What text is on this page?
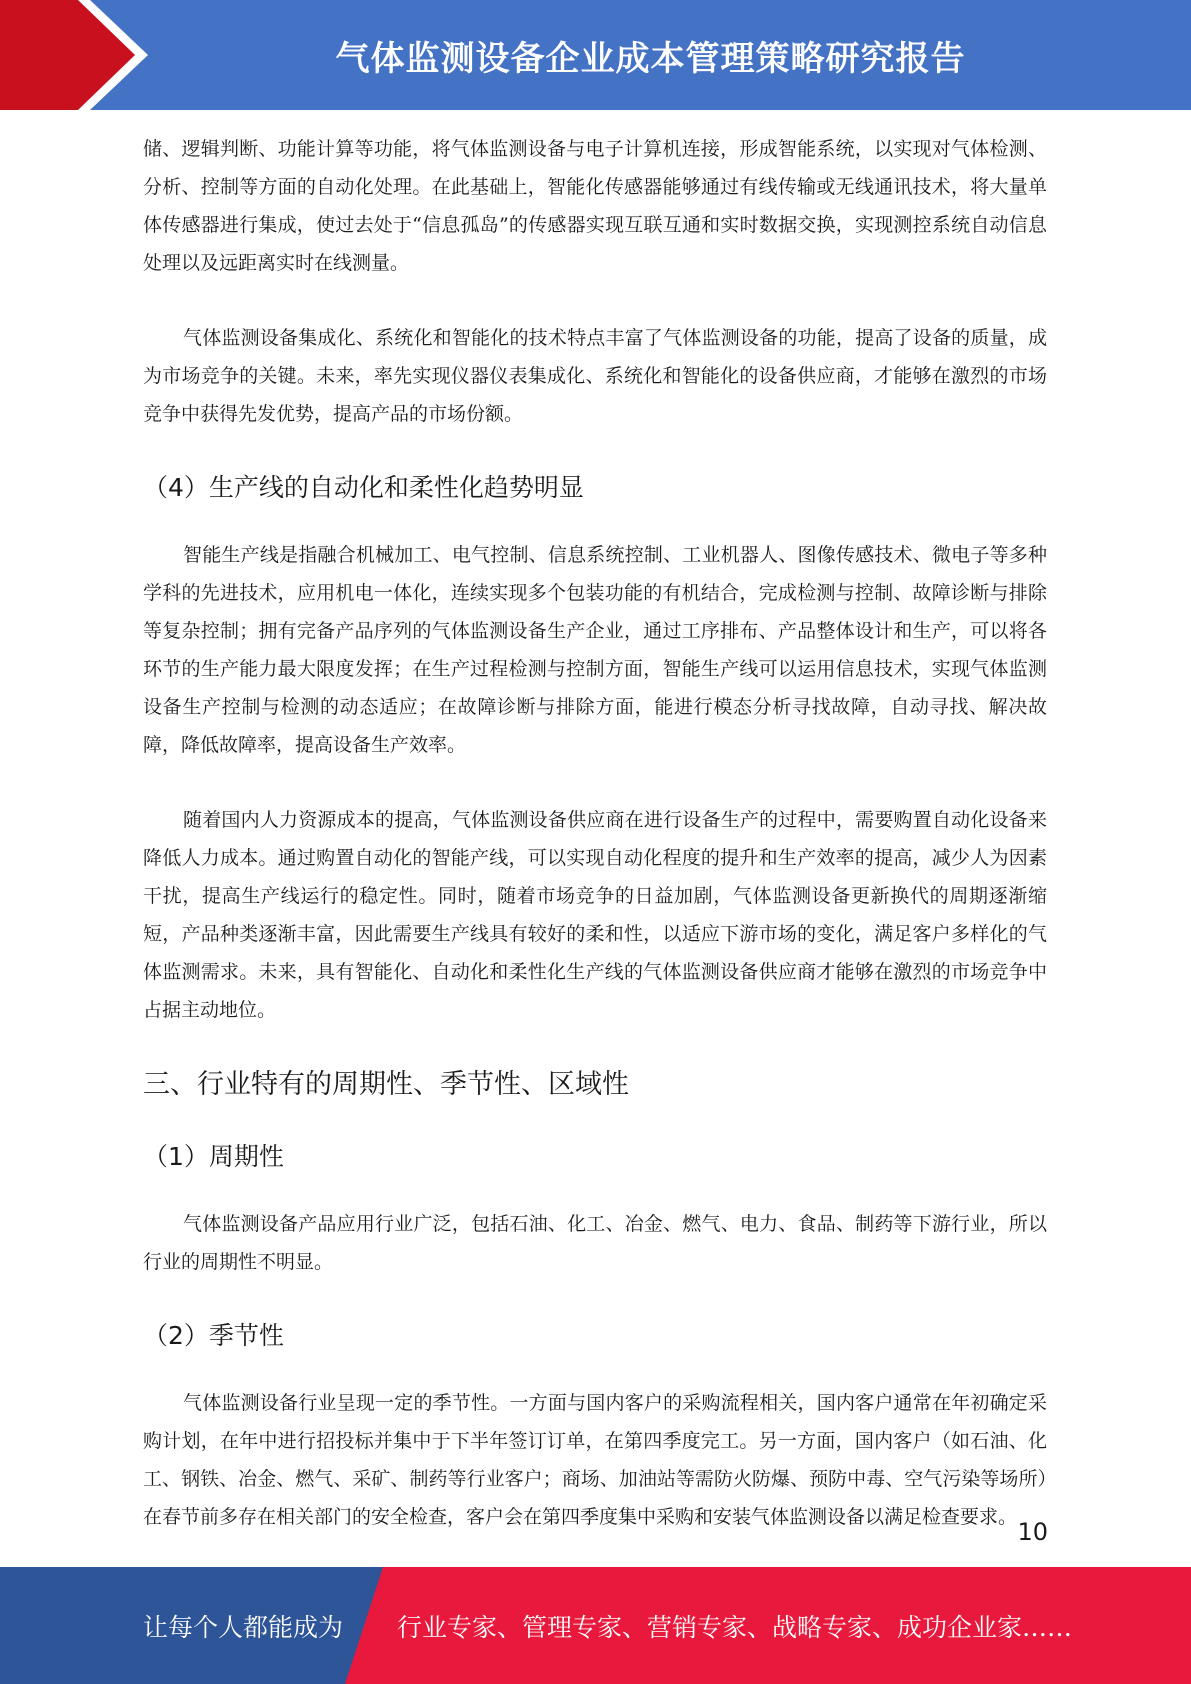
气体监测设备企业成本管理策略研究报告

储、逻辑判断、功能计算等功能，将气体监测设备与电子计算机连接，形成智能系统，以实现对气体检测、分析、控制等方面的自动化处理。在此基础上，智能化传感器能够通过有线传输或无线通讯技术，将大量单体传感器进行集成，使过去处于“信息孤岛”的传感器实现互联互通和实时数据交换，实现测控系统自动信息处理以及远距离实时在线测量。

气体监测设备集成化、系统化和智能化的技术特点丰富了气体监测设备的功能，提高了设备的质量，成为市场竞争的关键。未来，率先实现仪器仪表集成化、系统化和智能化的设备供应商，才能够在激烈的市场竞争中获得先发优势，提高产品的市场份额。

（4）生产线的自动化和柔性化趋势明显

智能生产线是指融合机械加工、电气控制、信息系统控制、工业机器人、图像传感技术、微电子等多种学科的先进技术，应用机电一体化，连续实现多个包装功能的有机结合，完成检测与控制、故障诊断与排除等复杂控制；拥有完备产品序列的气体监测设备生产企业，通过工序排布、产品整体设计和生产，可以将各环节的生产能力最大限度发挥；在生产过程检测与控制方面，智能生产线可以运用信息技术，实现气体监测设备生产控制与检测的动态适应；在故障诊断与排除方面，能进行模态分析寻找故障，自动寻找、解决故障，降低故障率，提高设备生产效率。

随着国内人力资源成本的提高，气体监测设备供应商在进行设备生产的过程中，需要购置自动化设备来降低人力成本。通过购置自动化的智能产线，可以实现自动化程度的提升和生产效率的提高，减少人为因素干扰，提高生产线运行的稳定性。同时，随着市场竞争的日益加剧，气体监测设备更新换代的周期逐渐缩短，产品种类逐渐丰富，因此需要生产线具有较好的柔和性，以适应下游市场的变化，满足客户多样化的气体监测需求。未来，具有智能化、自动化和柔性化生产线的气体监测设备供应商才能够在激烈的市场竞争中占据主动地位。

三、行业特有的周期性、季节性、区域性
（1）周期性

气体监测设备产品应用行业广泛，包括石油、化工、冶金、燃气、电力、食品、制药等下游行业，所以行业的周期性不明显。

（2）季节性

气体监测设备行业呈现一定的季节性。一方面与国内客户的采购流程相关，国内客户通常在年初确定采购计划，在年中进行招投标并集中于下半年签订订单，在第四季度完工。另一方面，国内客户（如石油、化工、钢铁、冶金、燃气、采矿、制药等行业客户；商场、加油站等需防火防爆、预防中毒、空气污染等场所）在春节前多存在相关部门的安全检查，客户会在第四季度集中采购和安装气体监测设备以满足检查要求。

10
让每个人都能成为 行业专家、管理专家、营销专家、战略专家、成功企业家……
